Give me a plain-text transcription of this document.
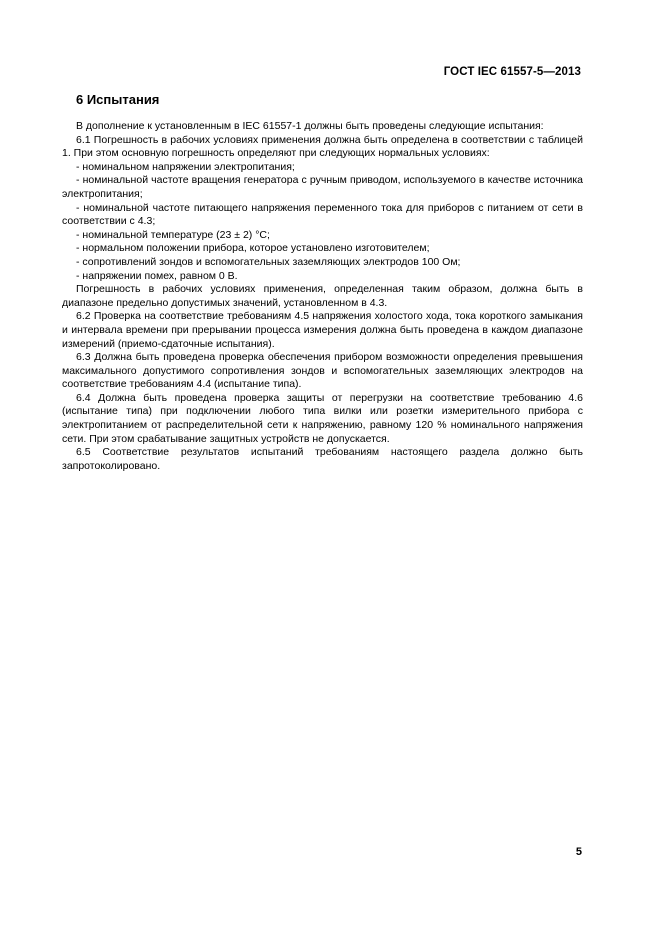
ГОСТ IEC 61557-5—2013
6 Испытания

В дополнение к установленным в IEC 61557-1 должны быть проведены следующие испытания:

6.1 Погрешность в рабочих условиях применения должна быть определена в соответствии с таблицей 1. При этом основную погрешность определяют при следующих нормальных условиях:

- номинальном напряжении электропитания;

- номинальной частоте вращения генератора с ручным приводом, используемого в качестве источника электропитания;

- номинальной частоте питающего напряжения переменного тока для приборов с питанием от сети в соответствии с 4.3;

- номинальной температуре (23 ± 2) °С;

- нормальном положении прибора, которое установлено изготовителем;

- сопротивлений зондов и вспомогательных заземляющих электродов 100 Ом;

- напряжении помех, равном 0 В.

Погрешность в рабочих условиях применения, определенная таким образом, должна быть в диапазоне предельно допустимых значений, установленном в 4.3.

6.2 Проверка на соответствие требованиям 4.5 напряжения холостого хода, тока короткого замыкания и интервала времени при прерывании процесса измерения должна быть проведена в каждом диапазоне измерений (приемо-сдаточные испытания).

6.3 Должна быть проведена проверка обеспечения прибором возможности определения превышения максимального допустимого сопротивления зондов и вспомогательных заземляющих электродов на соответствие требованиям 4.4 (испытание типа).

6.4 Должна быть проведена проверка защиты от перегрузки на соответствие требованию 4.6 (испытание типа) при подключении любого типа вилки или розетки измерительного прибора с электропитанием от распределительной сети к напряжению, равному 120 % номинального напряжения сети. При этом срабатывание защитных устройств не допускается.

6.5 Соответствие результатов испытаний требованиям настоящего раздела должно быть запротоколировано.

5
